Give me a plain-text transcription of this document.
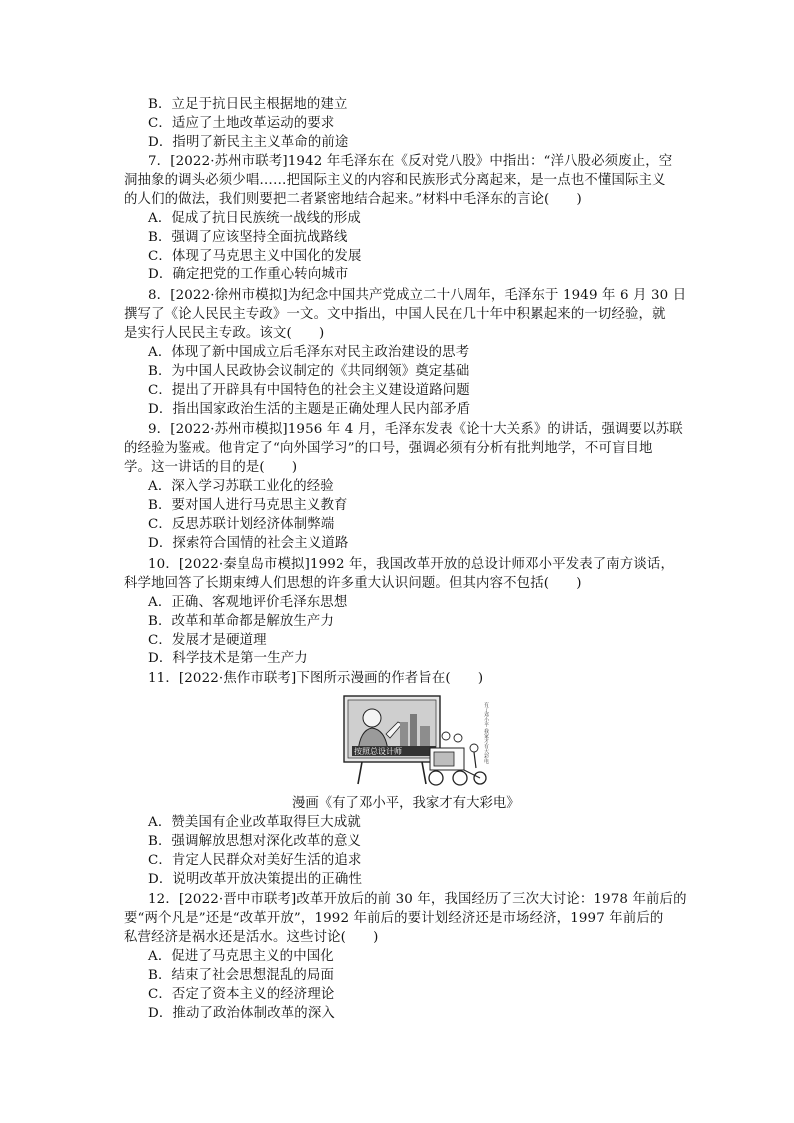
B．立足于抗日民主根据地的建立
C．适应了土地改革运动的要求
D．指明了新民主主义革命的前途
7．[2022·苏州市联考]1942 年毛泽东在《反对党八股》中指出：“洋八股必须废止，空
洞抽象的调头必须少唱……把国际主义的内容和民族形式分离起来，是一点也不懂国际主义
的人们的做法，我们则要把二者紧密地结合起来。”材料中毛泽东的言论(　　)
A．促成了抗日民族统一战线的形成
B．强调了应该坚持全面抗战路线
C．体现了马克思主义中国化的发展
D．确定把党的工作重心转向城市
8．[2022·徐州市模拟]为纪念中国共产党成立二十八周年，毛泽东于 1949 年 6 月 30 日
撰写了《论人民民主专政》一文。文中指出，中国人民在几十年中积累起来的一切经验，就
是实行人民民主专政。该文(　　)
A．体现了新中国成立后毛泽东对民主政治建设的思考
B．为中国人民政协会议制定的《共同纲领》奠定基础
C．提出了开辟具有中国特色的社会主义建设道路问题
D．指出国家政治生活的主题是正确处理人民内部矛盾
9．[2022·苏州市模拟]1956 年 4 月，毛泽东发表《论十大关系》的讲话，强调要以苏联
的经验为鉴戒。他肯定了“向外国学习”的口号，强调必须有分析有批判地学，不可盲目地
学。这一讲话的目的是(　　)
A．深入学习苏联工业化的经验
B．要对国人进行马克思主义教育
C．反思苏联计划经济体制弊端
D．探索符合国情的社会主义道路
10．[2022·秦皇岛市模拟]1992 年，我国改革开放的总设计师邓小平发表了南方谈话，
科学地回答了长期束缚人们思想的许多重大认识问题。但其内容不包括(　　)
A．正确、客观地评价毛泽东思想
B．改革和革命都是解放生产力
C．发展才是硬道理
D．科学技术是第一生产力
11．[2022·焦作市联考]下图所示漫画的作者旨在(　　)
按照总设计师	有了邓小平 我家才有大彩电
漫画《有了邓小平，我家才有大彩电》
A．赞美国有企业改革取得巨大成就
B．强调解放思想对深化改革的意义
C．肯定人民群众对美好生活的追求
D．说明改革开放决策提出的正确性
12．[2022·晋中市联考]改革开放后的前 30 年，我国经历了三次大讨论：1978 年前后的
要“两个凡是”还是“改革开放”，1992 年前后的要计划经济还是市场经济，1997 年前后的
私营经济是祸水还是活水。这些讨论(　　)
A．促进了马克思主义的中国化
B．结束了社会思想混乱的局面
C．否定了资本主义的经济理论
D．推动了政治体制改革的深入
